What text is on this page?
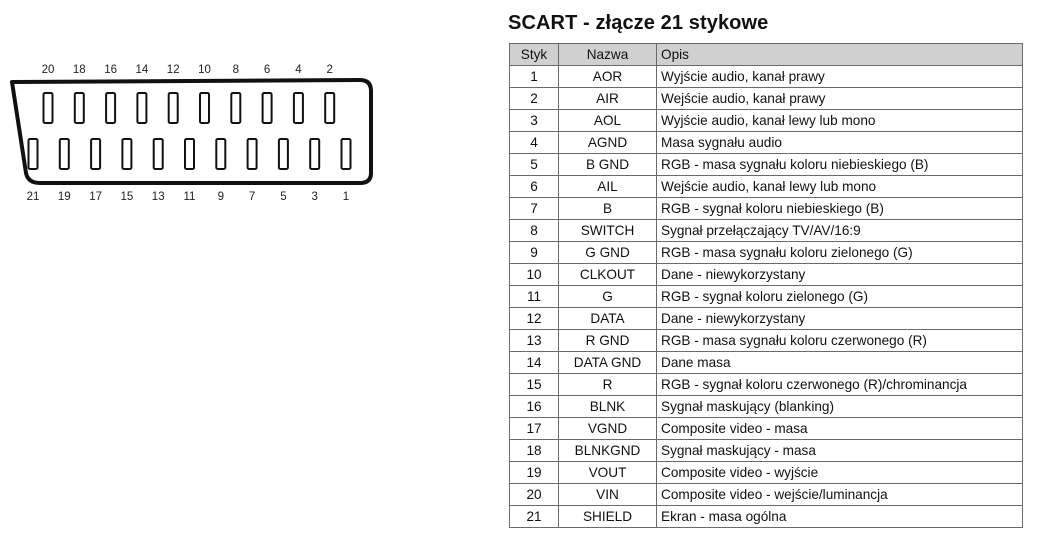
20 18 16 14 12 10 8 6 4 2
21 19 17 15 13 11 9 7 5 3 1
SCART - złącze 21 stykowe
Styk	Nazwa	Opis
1	AOR	Wyjście audio, kanał prawy
2	AIR	Wejście audio, kanał prawy
3	AOL	Wyjście audio, kanał lewy lub mono
4	AGND	Masa sygnału audio
5	B GND	RGB - masa sygnału koloru niebieskiego (B)
6	AIL	Wejście audio, kanał lewy lub mono
7	B	RGB - sygnał koloru niebieskiego (B)
8	SWITCH	Sygnał przełączający TV/AV/16:9
9	G GND	RGB - masa sygnału koloru zielonego (G)
10	CLKOUT	Dane - niewykorzystany
11	G	RGB - sygnał koloru zielonego (G)
12	DATA	Dane - niewykorzystany
13	R GND	RGB - masa sygnału koloru czerwonego (R)
14	DATA GND	Dane masa
15	R	RGB - sygnał koloru czerwonego (R)/chrominancja
16	BLNK	Sygnał maskujący (blanking)
17	VGND	Composite video - masa
18	BLNKGND	Sygnał maskujący - masa
19	VOUT	Composite video - wyjście
20	VIN	Composite video - wejście/luminancja
21	SHIELD	Ekran - masa ogólna
